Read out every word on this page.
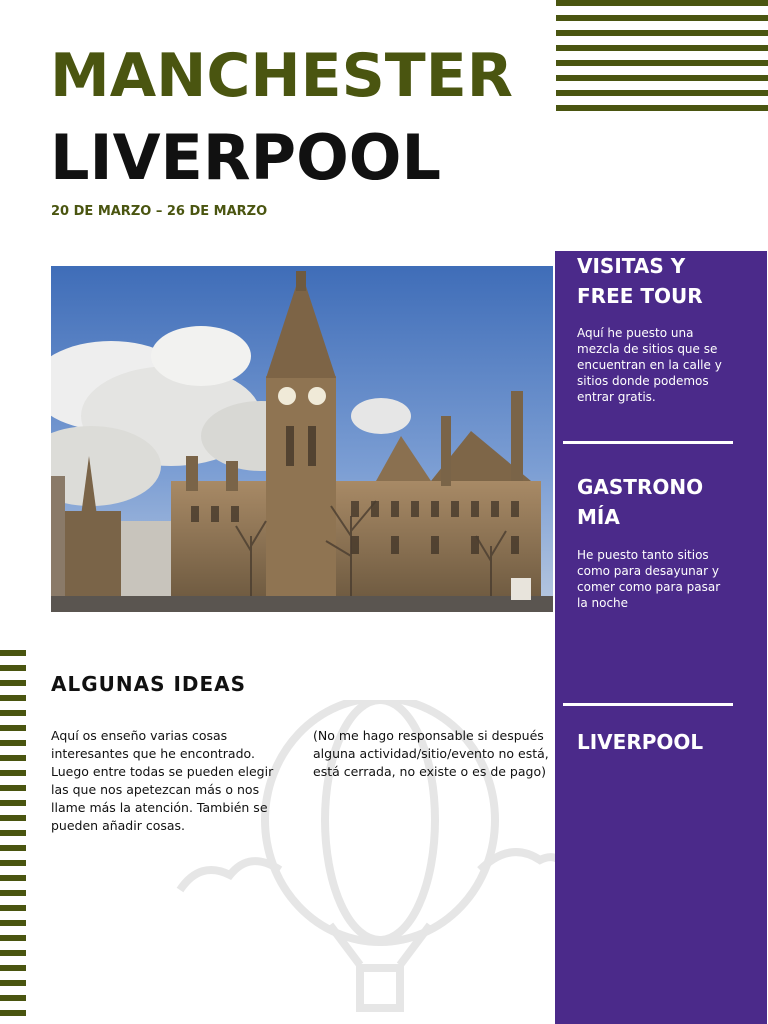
MANCHESTER
LIVERPOOL
20 DE MARZO – 26 DE MARZO
VISITAS Y FREE TOUR

Aquí he puesto una mezcla de sitios que se encuentran en la calle y sitios donde podemos entrar gratis.

GASTRONO MÍA

He puesto tanto sitios como para desayunar y comer como para pasar la noche

LIVERPOOL
ALGUNAS IDEAS

Aquí os enseño varias cosas interesantes que he encontrado. Luego entre todas se pueden elegir las que nos apetezcan más o nos llame más la atención. También se pueden añadir cosas.

(No me hago responsable si después alguna actividad/sitio/evento no está, está cerrada, no existe o es de pago)
